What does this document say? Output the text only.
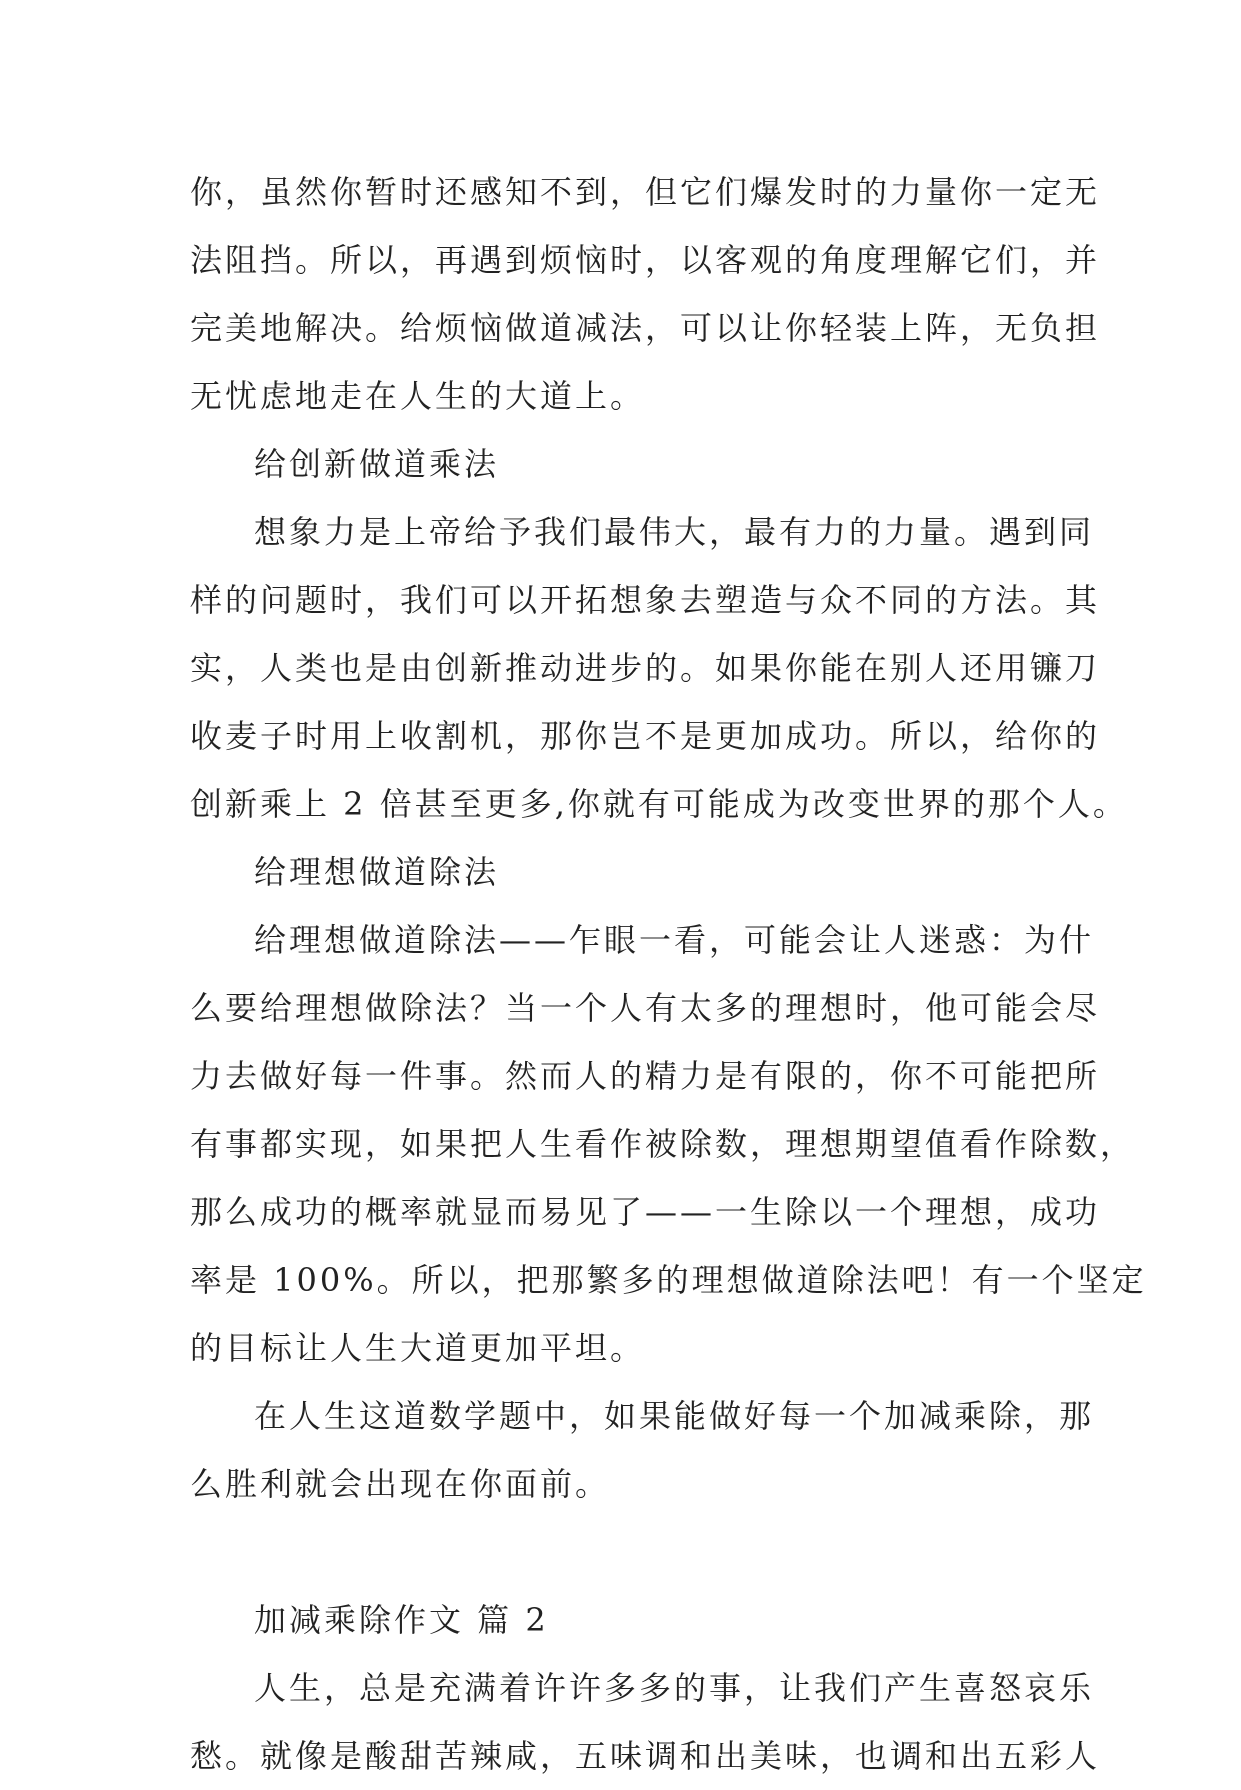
你，虽然你暂时还感知不到，但它们爆发时的力量你一定无
法阻挡。所以，再遇到烦恼时，以客观的角度理解它们，并
完美地解决。给烦恼做道减法，可以让你轻装上阵，无负担
无忧虑地走在人生的大道上。
给创新做道乘法
想象力是上帝给予我们最伟大，最有力的力量。遇到同
样的问题时，我们可以开拓想象去塑造与众不同的方法。其
实，人类也是由创新推动进步的。如果你能在别人还用镰刀
收麦子时用上收割机，那你岂不是更加成功。所以，给你的
创新乘上 2 倍甚至更多,你就有可能成为改变世界的那个人。
给理想做道除法
给理想做道除法——乍眼一看，可能会让人迷惑：为什
么要给理想做除法？当一个人有太多的理想时，他可能会尽
力去做好每一件事。然而人的精力是有限的，你不可能把所
有事都实现，如果把人生看作被除数，理想期望值看作除数，
那么成功的概率就显而易见了——一生除以一个理想，成功
率是 100%。所以，把那繁多的理想做道除法吧！有一个坚定
的目标让人生大道更加平坦。
在人生这道数学题中，如果能做好每一个加减乘除，那
么胜利就会出现在你面前。
加减乘除作文 篇 2
人生，总是充满着许许多多的事，让我们产生喜怒哀乐
愁。就像是酸甜苦辣咸，五味调和出美味，也调和出五彩人
